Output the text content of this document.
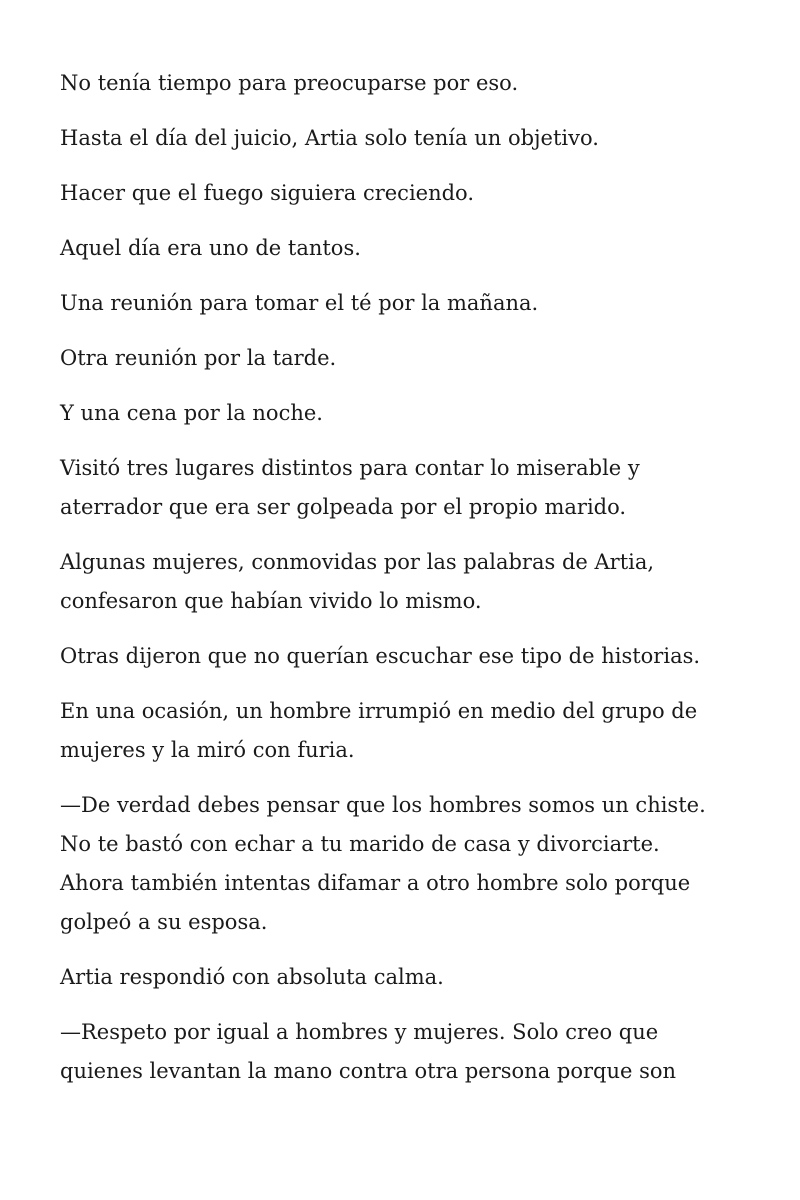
No tenía tiempo para preocuparse por eso.

Hasta el día del juicio, Artia solo tenía un objetivo.

Hacer que el fuego siguiera creciendo.

Aquel día era uno de tantos.

Una reunión para tomar el té por la mañana.

Otra reunión por la tarde.

Y una cena por la noche.

Visitó tres lugares distintos para contar lo miserable y
aterrador que era ser golpeada por el propio marido.

Algunas mujeres, conmovidas por las palabras de Artia,
confesaron que habían vivido lo mismo.

Otras dijeron que no querían escuchar ese tipo de historias.

En una ocasión, un hombre irrumpió en medio del grupo de
mujeres y la miró con furia.

—De verdad debes pensar que los hombres somos un chiste.
No te bastó con echar a tu marido de casa y divorciarte.
Ahora también intentas difamar a otro hombre solo porque
golpeó a su esposa.

Artia respondió con absoluta calma.

—Respeto por igual a hombres y mujeres. Solo creo que
quienes levantan la mano contra otra persona porque son
